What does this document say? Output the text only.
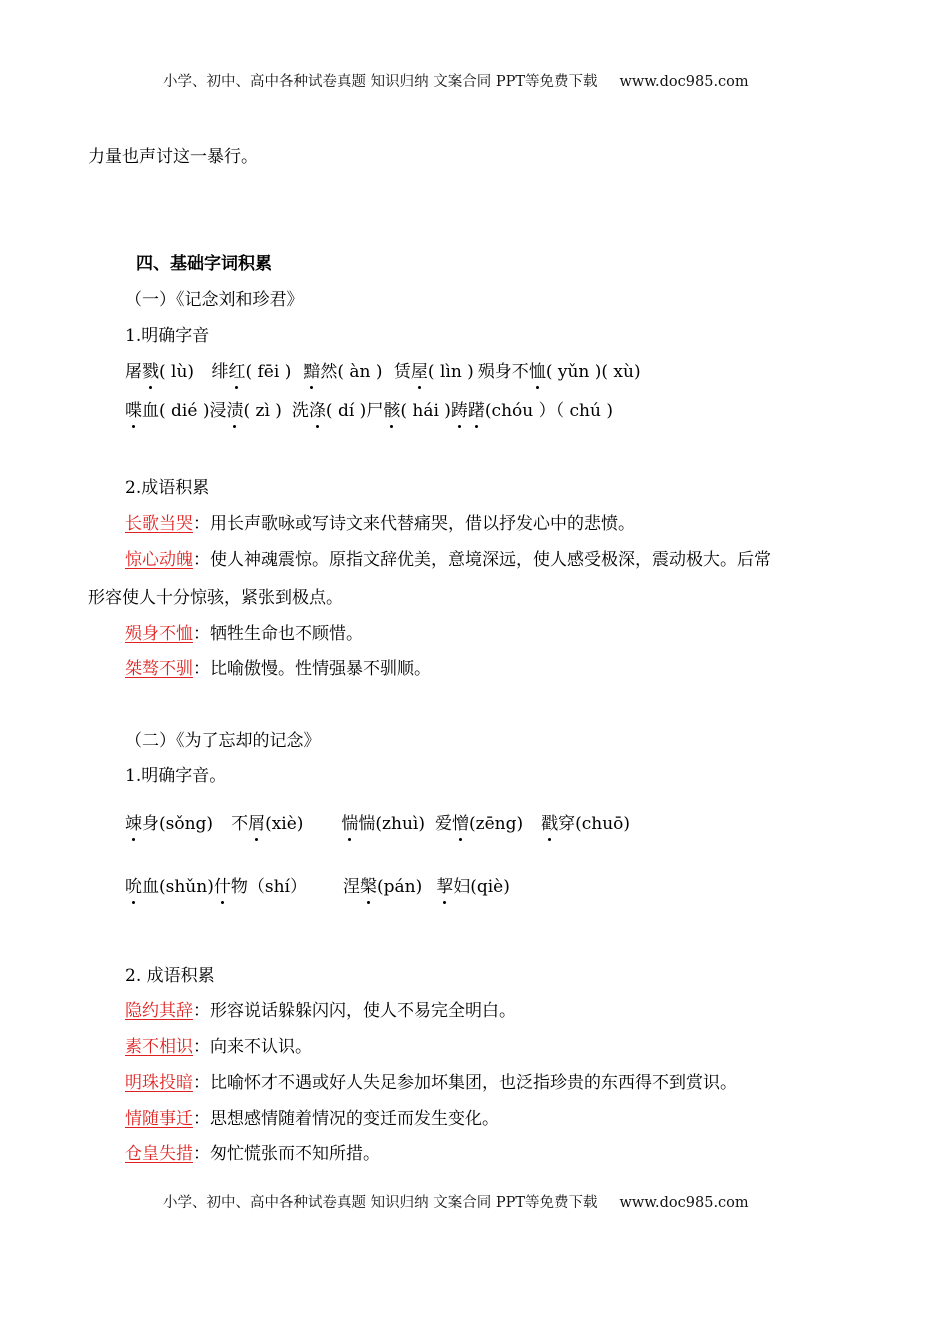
小学、初中、高中各种试卷真题 知识归纳 文案合同 PPT等免费下载 www.doc985.com
力量也声讨这一暴行。
四、基础字词积累
（一）《记念刘和珍君》
1.明确字音
屠戮( lù) 绯红( fēi ) 黯然( àn ) 赁屋( lìn ) 殒身不恤( yǔn )( xù)
喋血( dié )浸渍( zì ) 洗涤( dí )尸骸( hái )踌躇(chóu ）（ chú )
2.成语积累
长歌当哭：用长声歌咏或写诗文来代替痛哭，借以抒发心中的悲愤。
惊心动魄：使人神魂震惊。原指文辞优美，意境深远，使人感受极深，震动极大。后常
形容使人十分惊骇，紧张到极点。
殒身不恤：牺牲生命也不顾惜。
桀骜不驯：比喻傲慢。性情强暴不驯顺。
（二）《为了忘却的记念》
1.明确字音。
竦身(sǒng) 不屑(xiè) 惴惴(zhuì) 爱憎(zēng) 戳穿(chuō)
吮血(shǔn)什物（shí） 涅槃(pán) 挈妇(qiè)
2. 成语积累
隐约其辞：形容说话躲躲闪闪，使人不易完全明白。
素不相识：向来不认识。
明珠投暗：比喻怀才不遇或好人失足参加坏集团，也泛指珍贵的东西得不到赏识。
情随事迁：思想感情随着情况的变迁而发生变化。
仓皇失措：匆忙慌张而不知所措。
小学、初中、高中各种试卷真题 知识归纳 文案合同 PPT等免费下载 www.doc985.com
